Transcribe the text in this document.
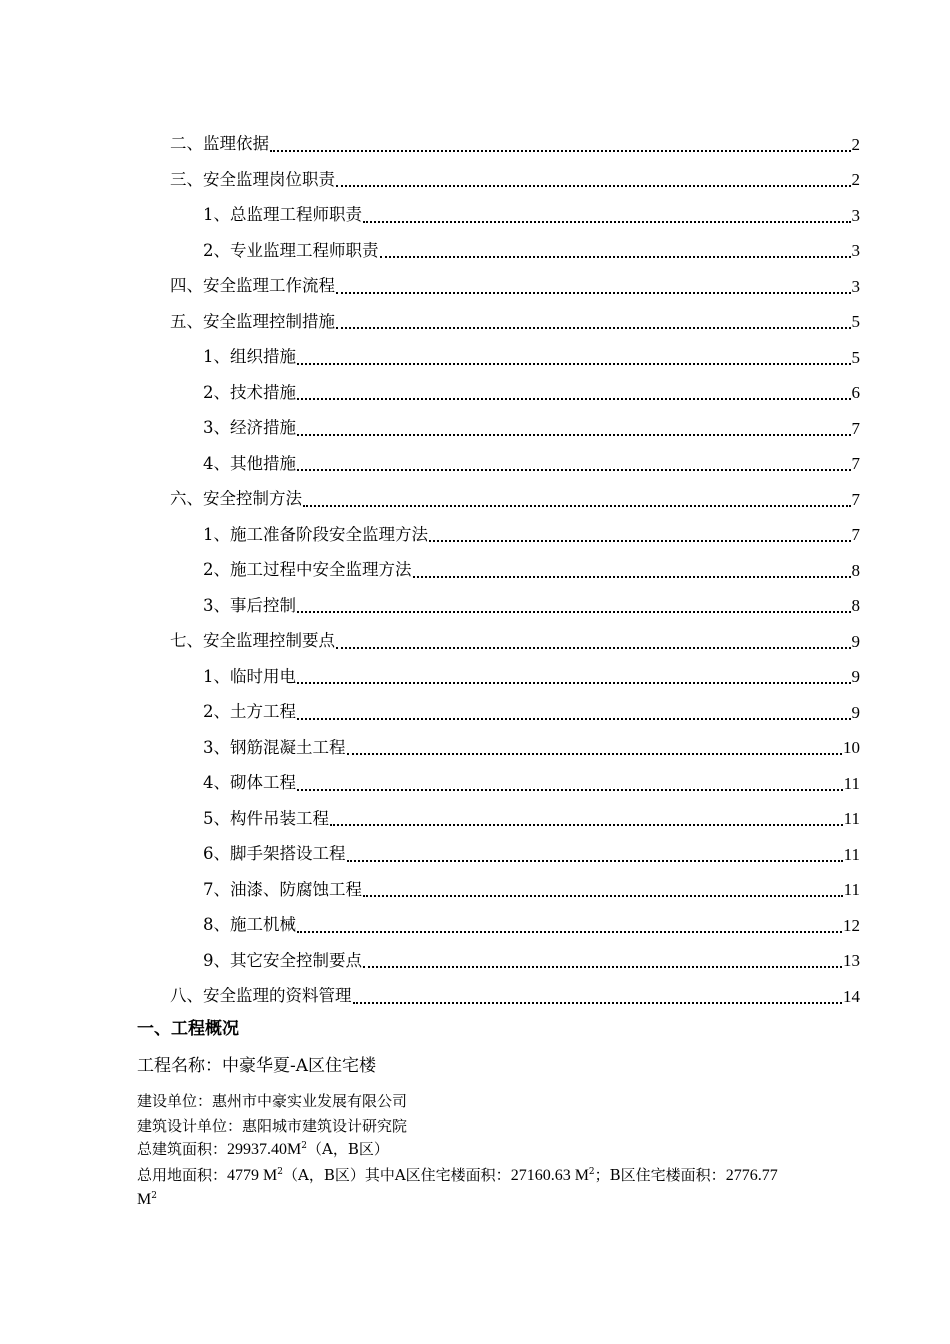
二、监理依据	2
三、安全监理岗位职责	2
1、总监理工程师职责	3
2、专业监理工程师职责	3
四、安全监理工作流程	3
五、安全监理控制措施	5
1、组织措施	5
2、技术措施	6
3、经济措施	7
4、其他措施	7
六、安全控制方法	7
1、施工准备阶段安全监理方法	7
2、施工过程中安全监理方法	8
3、事后控制	8
七、安全监理控制要点	9
1、临时用电	9
2、土方工程	9
3、钢筋混凝土工程	10
4、砌体工程	11
5、构件吊装工程	11
6、脚手架搭设工程	11
7、油漆、防腐蚀工程	11
8、施工机械	12
9、其它安全控制要点	13
八、安全监理的资料管理	14
一、工程概况
工程名称：中豪华夏-A区住宅楼
建设单位：惠州市中豪实业发展有限公司
建筑设计单位：惠阳城市建筑设计研究院
总建筑面积：$29937.40M^2(A$，B区）
总用地面积：4779 $M^2(A$，B区）其中A区住宅楼面积：27160.63 $M^2$；B区住宅楼面积：2776.77
$M^2$
